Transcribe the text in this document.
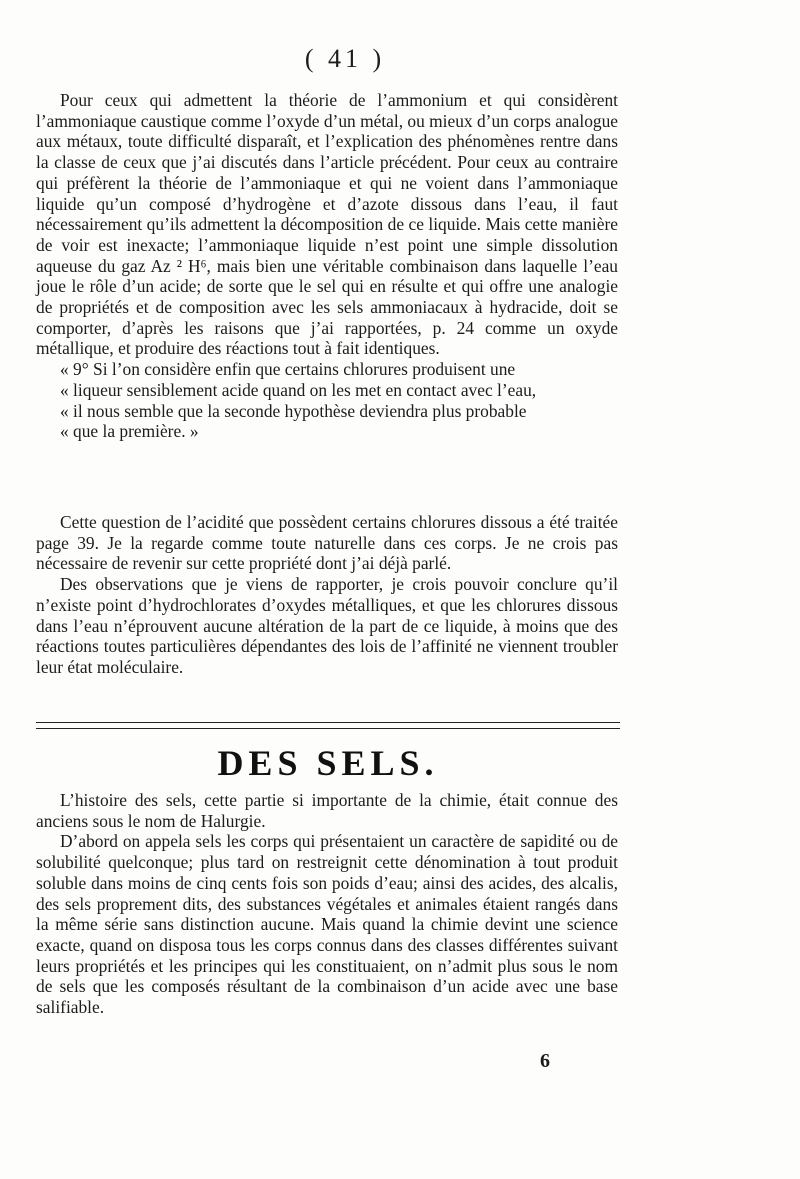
( 41 )

Pour ceux qui admettent la théorie de l’ammonium et qui considèrent l’ammoniaque caustique comme l’oxyde d’un métal, ou mieux d’un corps analogue aux métaux, toute difficulté disparaît, et l’explication des phénomènes rentre dans la classe de ceux que j’ai discutés dans l’article précédent. Pour ceux au contraire qui préfèrent la théorie de l’ammoniaque et qui ne voient dans l’ammoniaque liquide qu’un composé d’hydrogène et d’azote dissous dans l’eau, il faut nécessairement qu’ils admettent la décomposition de ce liquide. Mais cette manière de voir est inexacte; l’ammoniaque liquide n’est point une simple dissolution aqueuse du gaz Az ² H⁶, mais bien une véritable combinaison dans laquelle l’eau joue le rôle d’un acide; de sorte que le sel qui en résulte et qui offre une analogie de propriétés et de composition avec les sels ammoniacaux à hydracide, doit se comporter, d’après les raisons que j’ai rapportées, p. 24 comme un oxyde métallique, et produire des réactions tout à fait identiques.

« 9° Si l’on considère enfin que certains chlorures produisent une

« liqueur sensiblement acide quand on les met en contact avec l’eau,

« il nous semble que la seconde hypothèse deviendra plus probable

« que la première. »

Cette question de l’acidité que possèdent certains chlorures dissous a été traitée page 39. Je la regarde comme toute naturelle dans ces corps. Je ne crois pas nécessaire de revenir sur cette propriété dont j’ai déjà parlé.

Des observations que je viens de rapporter, je crois pouvoir conclure qu’il n’existe point d’hydrochlorates d’oxydes métalliques, et que les chlorures dissous dans l’eau n’éprouvent aucune altération de la part de ce liquide, à moins que des réactions toutes particulières dépendantes des lois de l’affinité ne viennent troubler leur état moléculaire.

DES SELS.

L’histoire des sels, cette partie si importante de la chimie, était connue des anciens sous le nom de Halurgie.

D’abord on appela sels les corps qui présentaient un caractère de sapidité ou de solubilité quelconque; plus tard on restreignit cette dénomination à tout produit soluble dans moins de cinq cents fois son poids d’eau; ainsi des acides, des alcalis, des sels proprement dits, des substances végétales et animales étaient rangés dans la même série sans distinction aucune. Mais quand la chimie devint une science exacte, quand on disposa tous les corps connus dans des classes différentes suivant leurs propriétés et les principes qui les constituaient, on n’admit plus sous le nom de sels que les composés résultant de la combinaison d’un acide avec une base salifiable.

6
